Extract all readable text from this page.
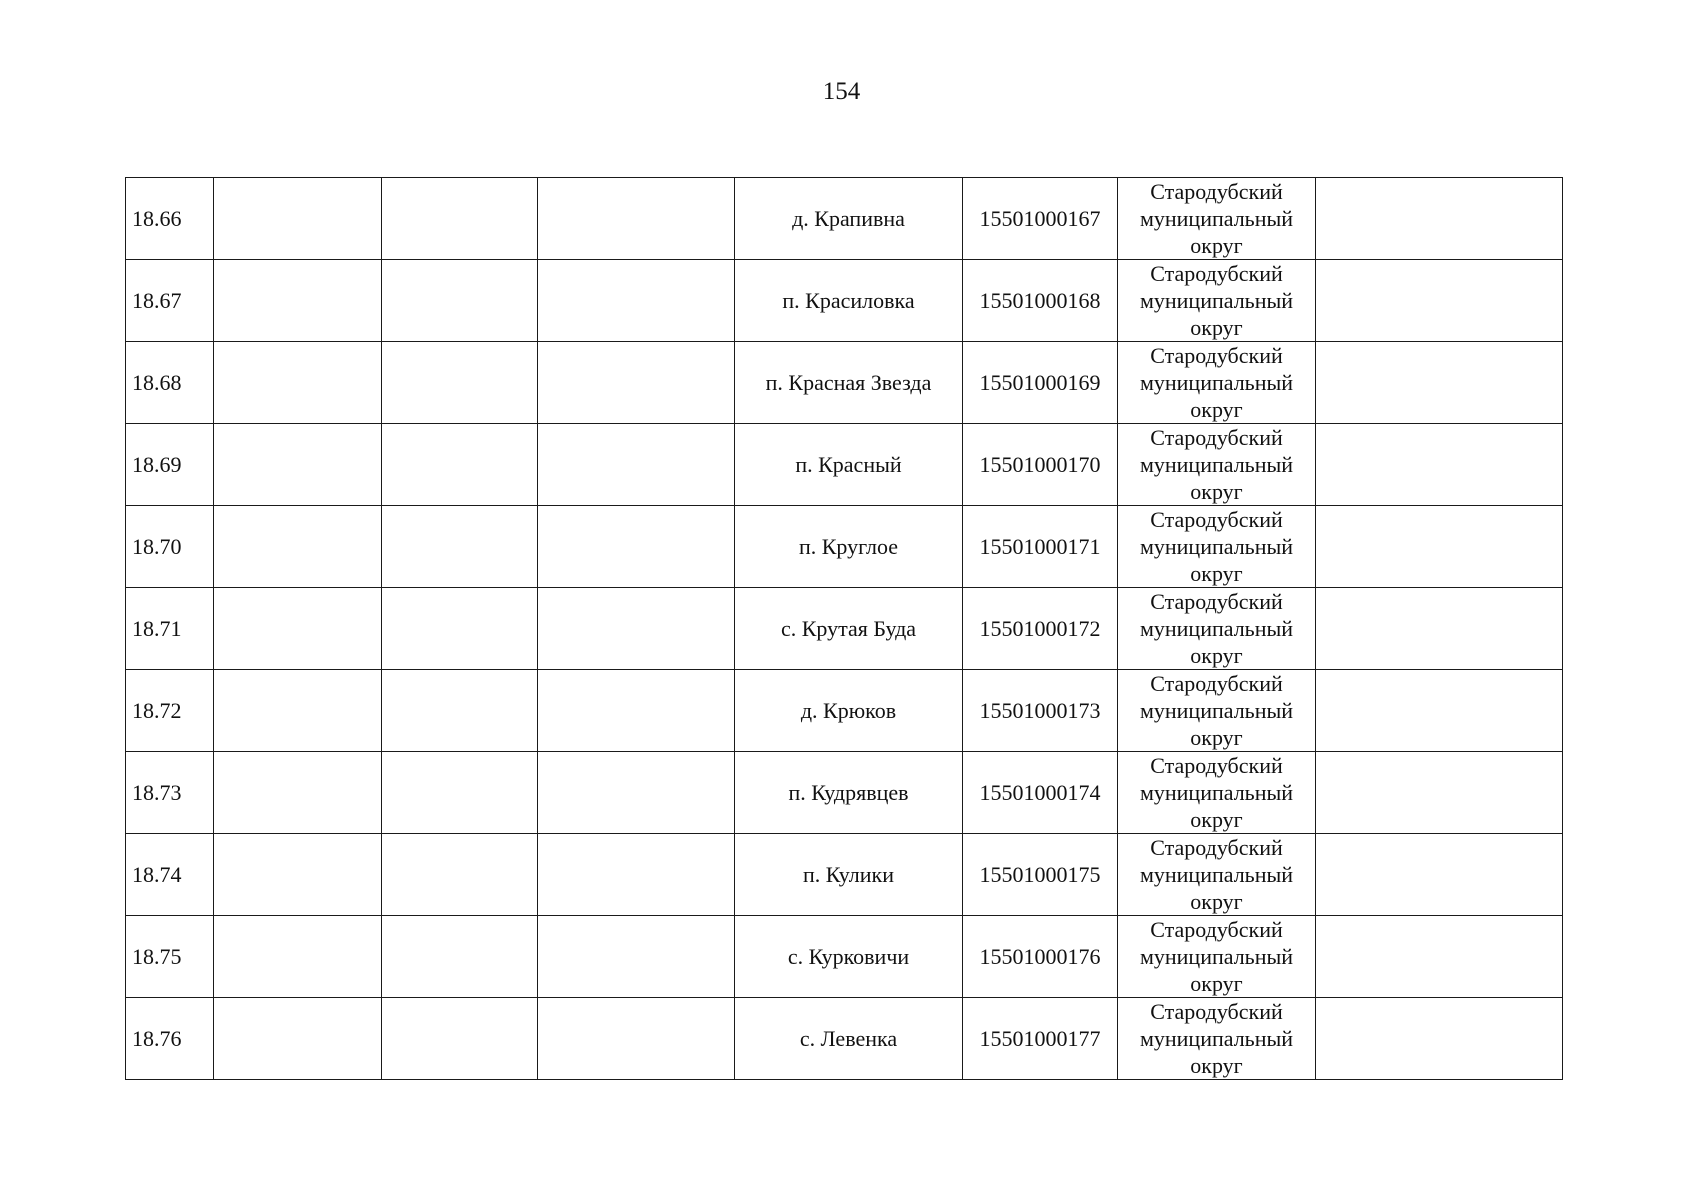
154
18.66				д. Крапивна	15501000167	Стародубский муниципальный округ	
18.67				п. Красиловка	15501000168	Стародубский муниципальный округ	
18.68				п. Красная Звезда	15501000169	Стародубский муниципальный округ	
18.69				п. Красный	15501000170	Стародубский муниципальный округ	
18.70				п. Круглое	15501000171	Стародубский муниципальный округ	
18.71				с. Крутая Буда	15501000172	Стародубский муниципальный округ	
18.72				д. Крюков	15501000173	Стародубский муниципальный округ	
18.73				п. Кудрявцев	15501000174	Стародубский муниципальный округ	
18.74				п. Кулики	15501000175	Стародубский муниципальный округ	
18.75				с. Курковичи	15501000176	Стародубский муниципальный округ	
18.76				с. Левенка	15501000177	Стародубский муниципальный округ	
